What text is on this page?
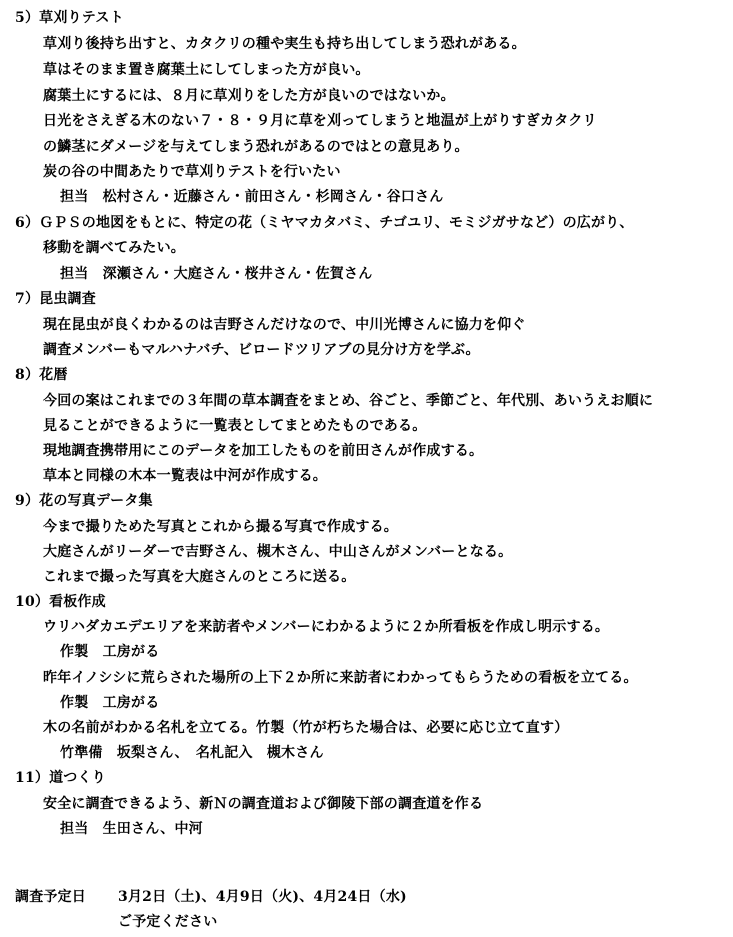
5）草刈りテスト
草刈り後持ち出すと、カタクリの種や実生も持ち出してしまう恐れがある。
草はそのまま置き腐葉土にしてしまった方が良い。
腐葉土にするには、８月に草刈りをした方が良いのではないか。
日光をさえぎる木のない７・８・９月に草を刈ってしまうと地温が上がりすぎカタクリ
の鱗茎にダメージを与えてしまう恐れがあるのではとの意見あり。
炭の谷の中間あたりで草刈りテストを行いたい
担当　松村さん・近藤さん・前田さん・杉岡さん・谷口さん
6）ＧＰＳの地図をもとに、特定の花（ミヤマカタバミ、チゴユリ、モミジガサなど）の広がり、
移動を調べてみたい。
担当　深瀬さん・大庭さん・桜井さん・佐賀さん
7）昆虫調査
現在昆虫が良くわかるのは吉野さんだけなので、中川光博さんに協力を仰ぐ
調査メンバーもマルハナバチ、ビロードツリアブの見分け方を学ぶ。
8）花暦
今回の案はこれまでの３年間の草本調査をまとめ、谷ごと、季節ごと、年代別、あいうえお順に
見ることができるように一覧表としてまとめたものである。
現地調査携帯用にこのデータを加工したものを前田さんが作成する。
草本と同様の木本一覧表は中河が作成する。
9）花の写真データ集
今まで撮りためた写真とこれから撮る写真で作成する。
大庭さんがリーダーで吉野さん、槻木さん、中山さんがメンバーとなる。
これまで撮った写真を大庭さんのところに送る。
10）看板作成
ウリハダカエデエリアを来訪者やメンバーにわかるように２か所看板を作成し明示する。
作製　工房がる
昨年イノシシに荒らされた場所の上下２か所に来訪者にわかってもらうための看板を立てる。
作製　工房がる
木の名前がわかる名札を立てる。竹製（竹が朽ちた場合は、必要に応じ立て直す）
竹準備　坂梨さん、　名札記入　槻木さん
11）道つくり
安全に調査できるよう、新Ｎの調査道および御陵下部の調査道を作る
担当　生田さん、中河
調査予定日 3月2日（土)、4月9日（火)、4月24日（水)
ご予定ください
